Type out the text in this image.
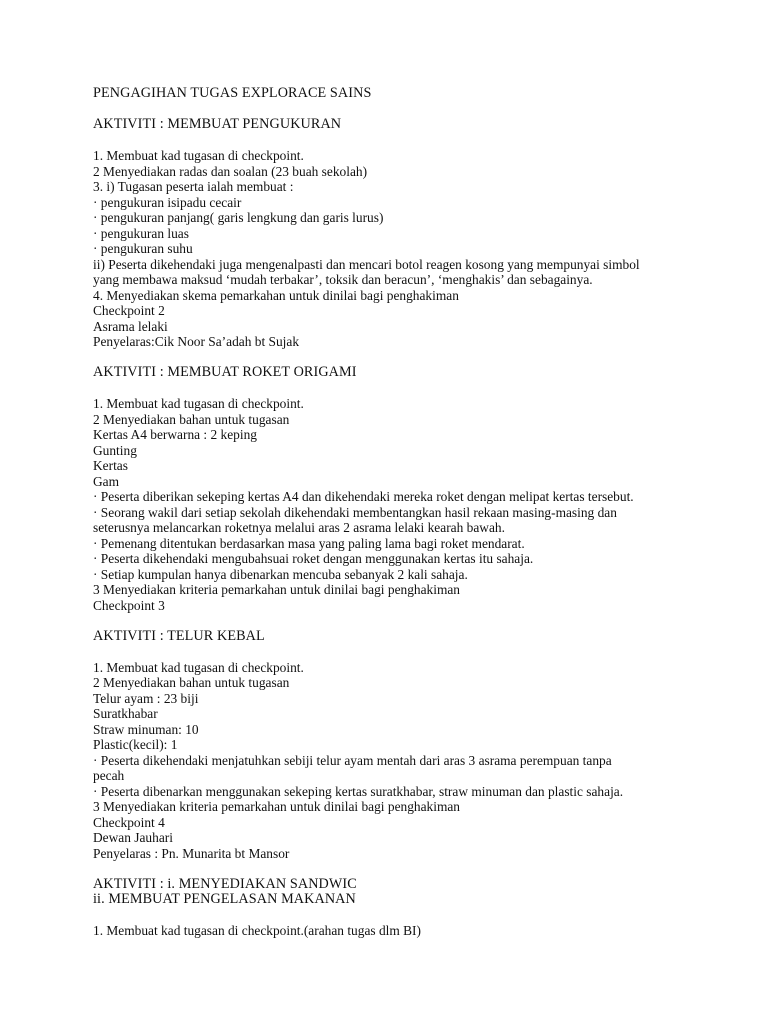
PENGAGIHAN TUGAS EXPLORACE SAINS

AKTIVITI : MEMBUAT PENGUKURAN

1. Membuat kad tugasan di checkpoint.

2 Menyediakan radas dan soalan (23 buah sekolah)

3. i) Tugasan peserta ialah membuat :

· pengukuran isipadu cecair

· pengukuran panjang( garis lengkung dan garis lurus)

· pengukuran luas

· pengukuran suhu

ii) Peserta dikehendaki juga mengenalpasti dan mencari botol reagen kosong yang mempunyai simbol

yang membawa maksud ‘mudah terbakar’, toksik dan beracun’, ‘menghakis’ dan sebagainya.

4. Menyediakan skema pemarkahan untuk dinilai bagi penghakiman

Checkpoint 2

Asrama lelaki

Penyelaras:Cik Noor Sa’adah bt Sujak

AKTIVITI : MEMBUAT ROKET ORIGAMI

1. Membuat kad tugasan di checkpoint.

2 Menyediakan bahan untuk tugasan

Kertas A4 berwarna : 2 keping

Gunting

Kertas

Gam

· Peserta diberikan sekeping kertas A4 dan dikehendaki mereka roket dengan melipat kertas tersebut.

· Seorang wakil dari setiap sekolah dikehendaki membentangkan hasil rekaan masing-masing dan

seterusnya melancarkan roketnya melalui aras 2 asrama lelaki kearah bawah.

· Pemenang ditentukan berdasarkan masa yang paling lama bagi roket mendarat.

· Peserta dikehendaki mengubahsuai roket dengan menggunakan kertas itu sahaja.

· Setiap kumpulan hanya dibenarkan mencuba sebanyak 2 kali sahaja.

3 Menyediakan kriteria pemarkahan untuk dinilai bagi penghakiman

Checkpoint 3

AKTIVITI : TELUR KEBAL

1. Membuat kad tugasan di checkpoint.

2 Menyediakan bahan untuk tugasan

Telur ayam : 23 biji

Suratkhabar

Straw minuman: 10

Plastic(kecil): 1

· Peserta dikehendaki menjatuhkan sebiji telur ayam mentah dari aras 3 asrama perempuan tanpa

pecah

· Peserta dibenarkan menggunakan sekeping kertas suratkhabar, straw minuman dan plastic sahaja.

3 Menyediakan kriteria pemarkahan untuk dinilai bagi penghakiman

Checkpoint 4

Dewan Jauhari

Penyelaras : Pn. Munarita bt Mansor

AKTIVITI : i. MENYEDIAKAN SANDWIC

ii. MEMBUAT PENGELASAN MAKANAN

1. Membuat kad tugasan di checkpoint.(arahan tugas dlm BI)
